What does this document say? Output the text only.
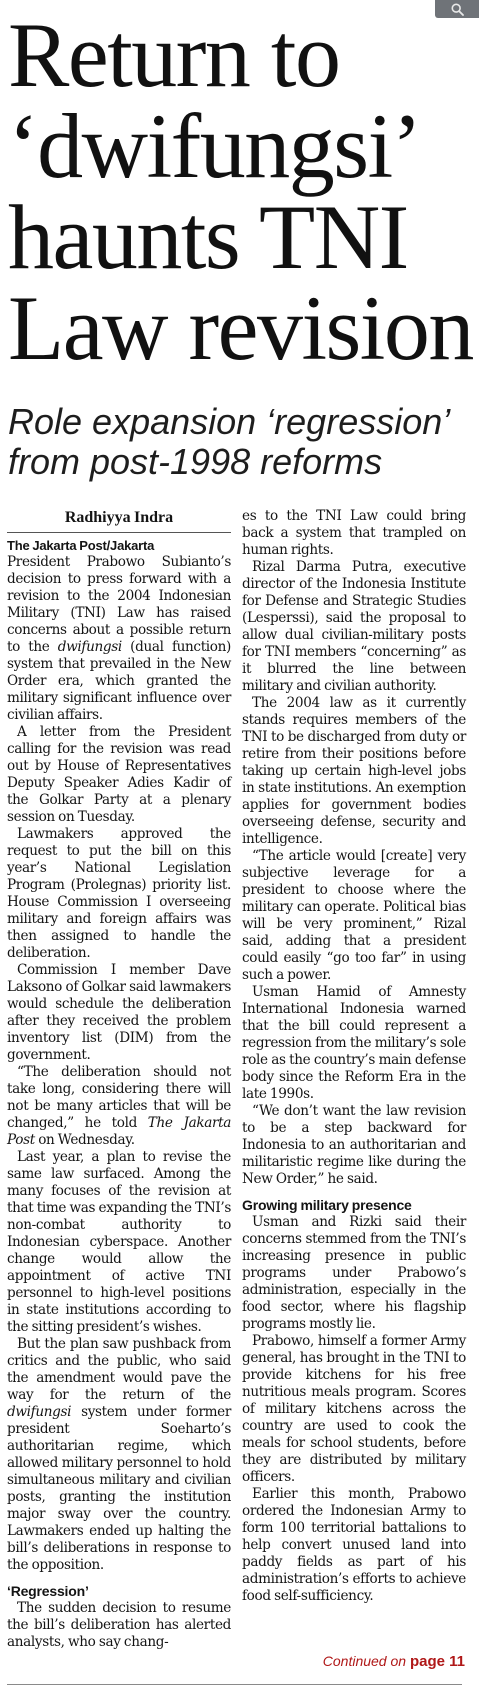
Return to
‘dwifungsi’
haunts TNI
Law revision
Role expansion ‘regression’
from post-1998 reforms
Radhiyya Indra
The Jakarta Post/Jakarta

President Prabowo Subianto’s decision to press forward with a revision to the 2004 Indonesian Military (TNI) Law has raised concerns about a possible return to the dwifungsi (dual function) system that prevailed in the New Order era, which granted the military significant influence over civilian affairs.

A letter from the President calling for the revision was read out by House of Representatives Deputy Speaker Adies Kadir of the Golkar Party at a plenary session on Tuesday.

Lawmakers approved the request to put the bill on this year’s National Legislation Program (Prolegnas) priority list. House Commission I overseeing military and foreign affairs was then assigned to handle the deliberation.

Commission I member Dave Laksono of Golkar said lawmakers would schedule the deliberation after they received the problem inventory list (DIM) from the government.

“The deliberation should not take long, considering there will not be many articles that will be changed,” he told The Jakarta Post on Wednesday.

Last year, a plan to revise the same law surfaced. Among the many focuses of the revision at that time was expanding the TNI’s non-combat authority to Indonesian cyberspace. Another change would allow the appointment of active TNI personnel to high-level positions in state institutions according to the sitting president’s wishes.

But the plan saw pushback from critics and the public, who said the amendment would pave the way for the return of the dwifungsi system under former president Soeharto’s authoritarian regime, which allowed military personnel to hold simultaneous military and civilian posts, granting the institution major sway over the country. Lawmakers ended up halting the bill’s deliberations in response to the opposition.

‘Regression’

The sudden decision to resume the bill’s deliberation has alerted analysts, who say chang-

es to the TNI Law could bring back a system that trampled on human rights.

Rizal Darma Putra, executive director of the Indonesia Institute for Defense and Strategic Studies (Lesperssi), said the proposal to allow dual civilian-military posts for TNI members “concerning” as it blurred the line between military and civilian authority.

The 2004 law as it currently stands requires members of the TNI to be discharged from duty or retire from their positions before taking up certain high-level jobs in state institutions. An exemption applies for government bodies overseeing defense, security and intelligence.

“The article would [create] very subjective leverage for a president to choose where the military can operate. Political bias will be very prominent,” Rizal said, adding that a president could easily “go too far” in using such a power.

Usman Hamid of Amnesty International Indonesia warned that the bill could represent a regression from the military’s sole role as the country’s main defense body since the Reform Era in the late 1990s.

“We don’t want the law revision to be a step backward for Indonesia to an authoritarian and militaristic regime like during the New Order,” he said.

Growing military presence

Usman and Rizki said their concerns stemmed from the TNI’s increasing presence in public programs under Prabowo’s administration, especially in the food sector, where his flagship programs mostly lie.

Prabowo, himself a former Army general, has brought in the TNI to provide kitchens for his free nutritious meals program. Scores of military kitchens across the country are used to cook the meals for school students, before they are distributed by military officers.

Earlier this month, Prabowo ordered the Indonesian Army to form 100 territorial battalions to help convert unused land into paddy fields as part of his administration’s efforts to achieve food self-sufficiency.

Continued on page 11
